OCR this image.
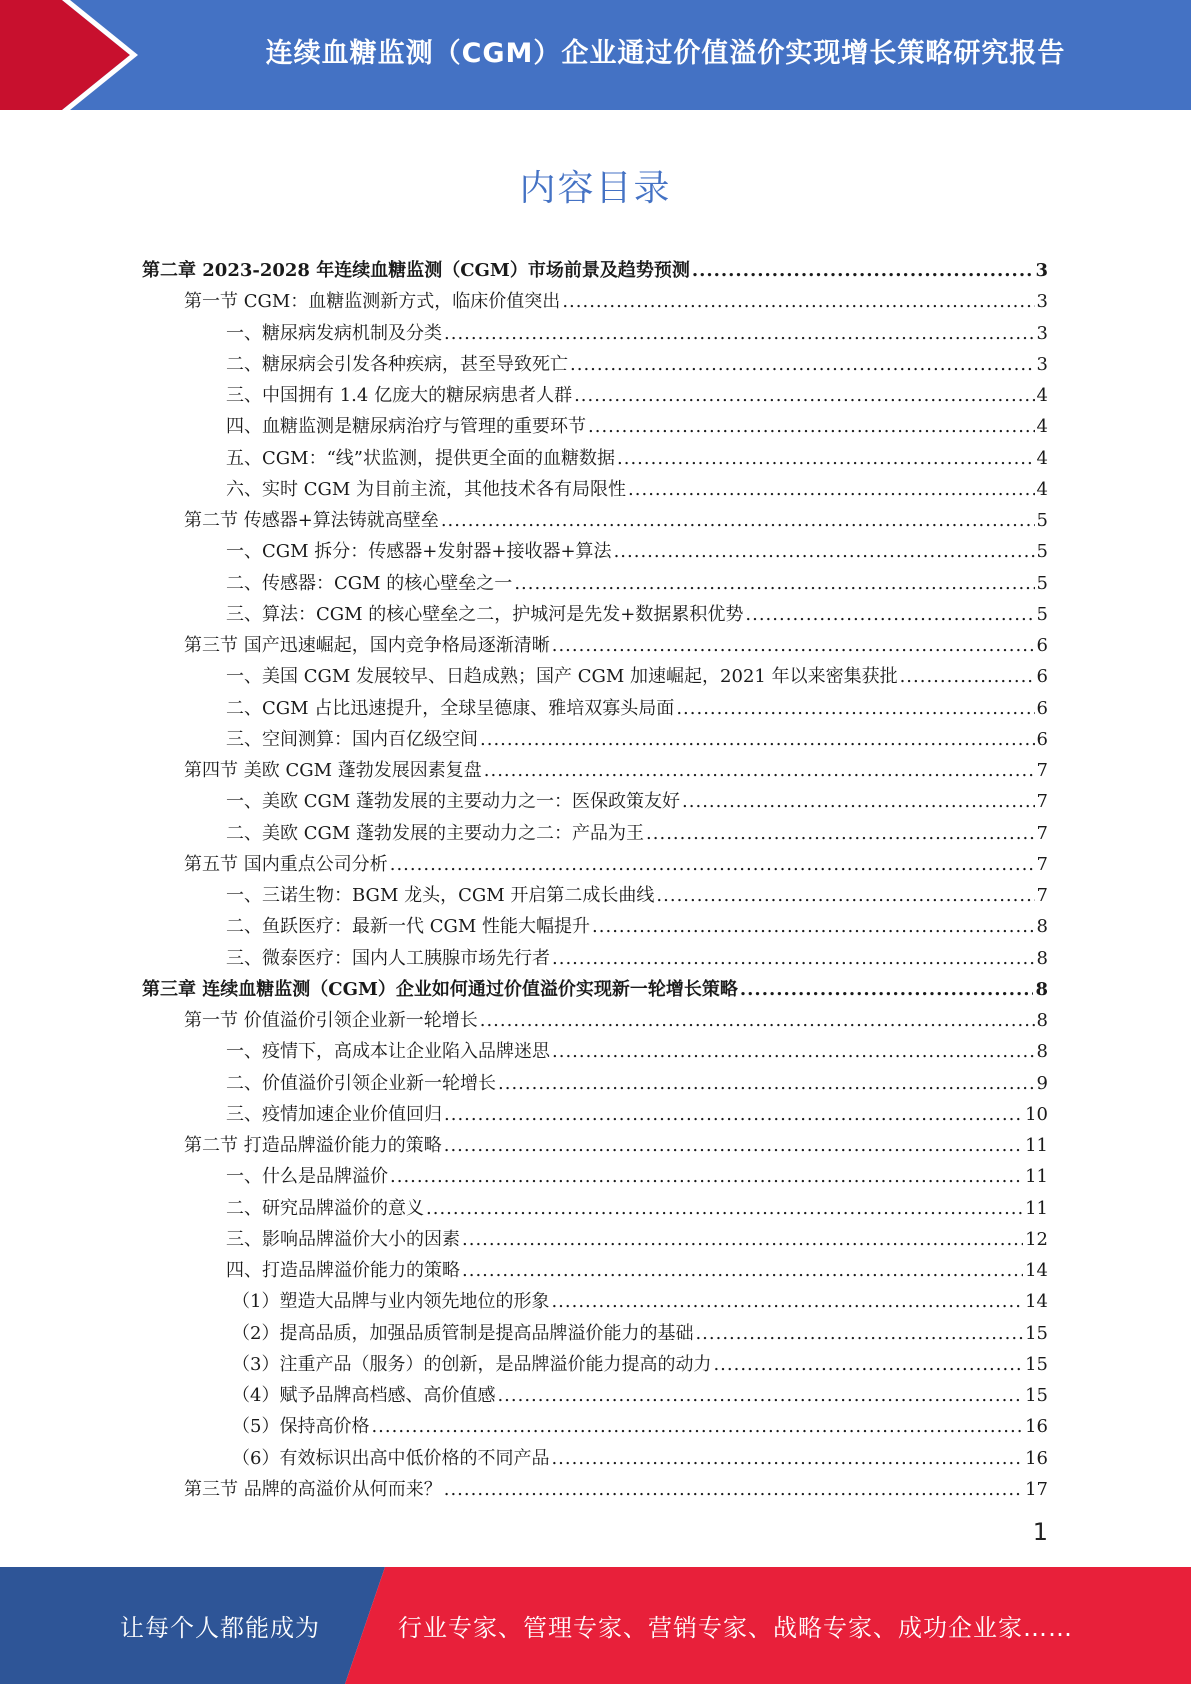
连续血糖监测（CGM）企业通过价值溢价实现增长策略研究报告
内容目录
第二章 2023-2028 年连续血糖监测（CGM）市场前景及趋势预测 .....	3
第一节 CGM：血糖监测新方式，临床价值突出 .....	3
一、糖尿病发病机制及分类 .....	3
二、糖尿病会引发各种疾病，甚至导致死亡 .....	3
三、中国拥有 1.4 亿庞大的糖尿病患者人群 .....	4
四、血糖监测是糖尿病治疗与管理的重要环节 .....	4
五、CGM：“线”状监测，提供更全面的血糖数据 .....	4
六、实时 CGM 为目前主流，其他技术各有局限性 .....	4
第二节 传感器+算法铸就高壁垒 .....	5
一、CGM 拆分：传感器+发射器+接收器+算法 .....	5
二、传感器：CGM 的核心壁垒之一 .....	5
三、算法：CGM 的核心壁垒之二，护城河是先发+数据累积优势 .....	5
第三节 国产迅速崛起，国内竞争格局逐渐清晰 .....	6
一、美国 CGM 发展较早、日趋成熟；国产 CGM 加速崛起，2021 年以来密集获批 .....	6
二、CGM 占比迅速提升，全球呈德康、雅培双寡头局面 .....	6
三、空间测算：国内百亿级空间 .....	6
第四节 美欧 CGM 蓬勃发展因素复盘 .....	7
一、美欧 CGM 蓬勃发展的主要动力之一：医保政策友好 .....	7
二、美欧 CGM 蓬勃发展的主要动力之二：产品为王 .....	7
第五节 国内重点公司分析 .....	7
一、三诺生物：BGM 龙头，CGM 开启第二成长曲线 .....	7
二、鱼跃医疗：最新一代 CGM 性能大幅提升 .....	8
三、微泰医疗：国内人工胰腺市场先行者 .....	8
第三章 连续血糖监测（CGM）企业如何通过价值溢价实现新一轮增长策略 .....	8
第一节 价值溢价引领企业新一轮增长 .....	8
一、疫情下，高成本让企业陷入品牌迷思 .....	8
二、价值溢价引领企业新一轮增长 .....	9
三、疫情加速企业价值回归 .....	10
第二节 打造品牌溢价能力的策略 .....	11
一、什么是品牌溢价 .....	11
二、研究品牌溢价的意义 .....	11
三、影响品牌溢价大小的因素 .....	12
四、打造品牌溢价能力的策略 .....	14
（1）塑造大品牌与业内领先地位的形象 .....	14
（2）提高品质，加强品质管制是提高品牌溢价能力的基础 .....	15
（3）注重产品（服务）的创新，是品牌溢价能力提高的动力 .....	15
（4）赋予品牌高档感、高价值感 .....	15
（5）保持高价格 .....	16
（6）有效标识出高中低价格的不同产品 .....	16
第三节 品牌的高溢价从何而来？ .....	17
1
让每个人都能成为	行业专家、管理专家、营销专家、战略专家、成功企业家……
